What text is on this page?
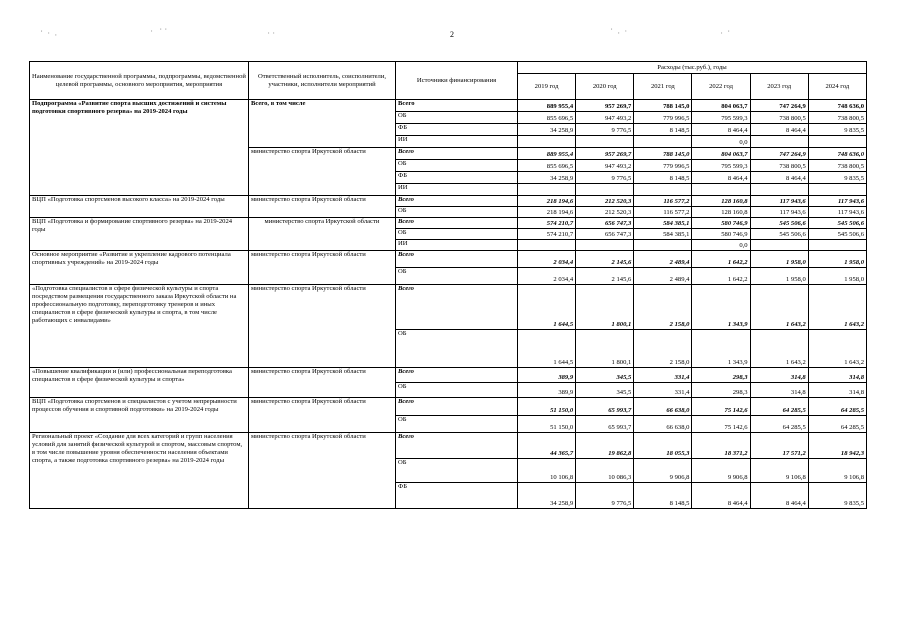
2
⠁⠂⠄	⠂⠈⠁	⠐⠂	⠁⠄⠂	⠂⠁
Наименование государственной программы, подпрограммы, ведомственной целевой программы, основного мероприятия, мероприятия	Ответственный исполнитель, соисполнители, участники, исполнители мероприятий	Источники финансирования	Расходы (тыс.руб.), годы					
			2019 год	2020 год	2021 год	2022 год	2023 год	2024 год
Подпрограмма «Развитие спорта высших достижений и системы подготовки спортивного резерва» на 2019-2024 годы	Всего, в том числе	Всего	889 955,4	957 269,7	788 145,0	804 063,7	747 264,9	748 636,0
		ОБ	855 696,5	947 493,2	779 996,5	795 599,3	738 800,5	738 800,5
		ФБ	34 258,9	9 776,5	8 148,5	8 464,4	8 464,4	9 835,5
		ИИ				0,0		
	министерство спорта Иркутской области	Всего	889 955,4	957 269,7	788 145,0	804 063,7	747 264,9	748 636,0
		ОБ	855 696,5	947 493,2	779 996,5	795 599,3	738 800,5	738 800,5
		ФБ	34 258,9	9 776,5	8 148,5	8 464,4	8 464,4	9 835,5
		ИИ						
ВЦП «Подготовка спортсменов высокого класса» на 2019-2024 годы	министерство спорта Иркутской области	Всего	218 194,6	212 520,3	116 577,2	128 160,8	117 943,6	117 943,6
		ОБ	218 194,6	212 520,3	116 577,2	128 160,8	117 943,6	117 943,6
ВЦП «Подготовка и формирование спортивного резерва» на 2019-2024 годы	министерство спорта Иркутской области	Всего	574 210,7	656 747,3	584 385,1	580 746,9	545 506,6	545 506,6
		ОБ	574 210,7	656 747,3	584 385,1	580 746,9	545 506,6	545 506,6
		ИИ				0,0		
Основное мероприятие «Развитие и укрепление кадрового потенциала спортивных учреждений» на 2019-2024 годы	министерство спорта Иркутской области	Всего	2 034,4	2 145,6	2 489,4	1 642,2	1 958,0	1 958,0
		ОБ	2 034,4	2 145,6	2 489,4	1 642,2	1 958,0	1 958,0
«Подготовка специалистов в сфере физической культуры и спорта посредством размещения государственного заказа Иркутской области на профессиональную подготовку, переподготовку тренеров и иных специалистов в сфере физической культуры и спорта, в том числе работающих с инвалидами»	министерство спорта Иркутской области	Всего	1 644,5	1 800,1	2 158,0	1 343,9	1 643,2	1 643,2
		ОБ	1 644,5	1 800,1	2 158,0	1 343,9	1 643,2	1 643,2
«Повышение квалификации и (или) профессиональная переподготовка специалистов в сфере физической культуры и спорта»	министерство спорта Иркутской области	Всего	389,9	345,5	331,4	298,3	314,8	314,8
		ОБ	389,9	345,5	331,4	298,3	314,8	314,8
ВЦП «Подготовка спортсменов и специалистов с учетом непрерывности процессов обучения и спортивной подготовки» на 2019-2024 годы	министерство спорта Иркутской области	Всего	51 150,0	65 993,7	66 638,0	75 142,6	64 285,5	64 285,5
		ОБ	51 150,0	65 993,7	66 638,0	75 142,6	64 285,5	64 285,5
Региональный проект «Создание для всех категорий и групп населения условий для занятий физической культурой и спортом, массовым спортом, в том числе повышение уровня обеспеченности населения объектами спорта, а также подготовка спортивного резерва» на 2019-2024 годы	министерство спорта Иркутской области	Всего	44 365,7	19 862,8	18 055,3	18 371,2	17 571,2	18 942,3
		ОБ	10 106,8	10 086,3	9 906,8	9 906,8	9 106,8	9 106,8
		ФБ	34 258,9	9 776,5	8 148,5	8 464,4	8 464,4	9 835,5
